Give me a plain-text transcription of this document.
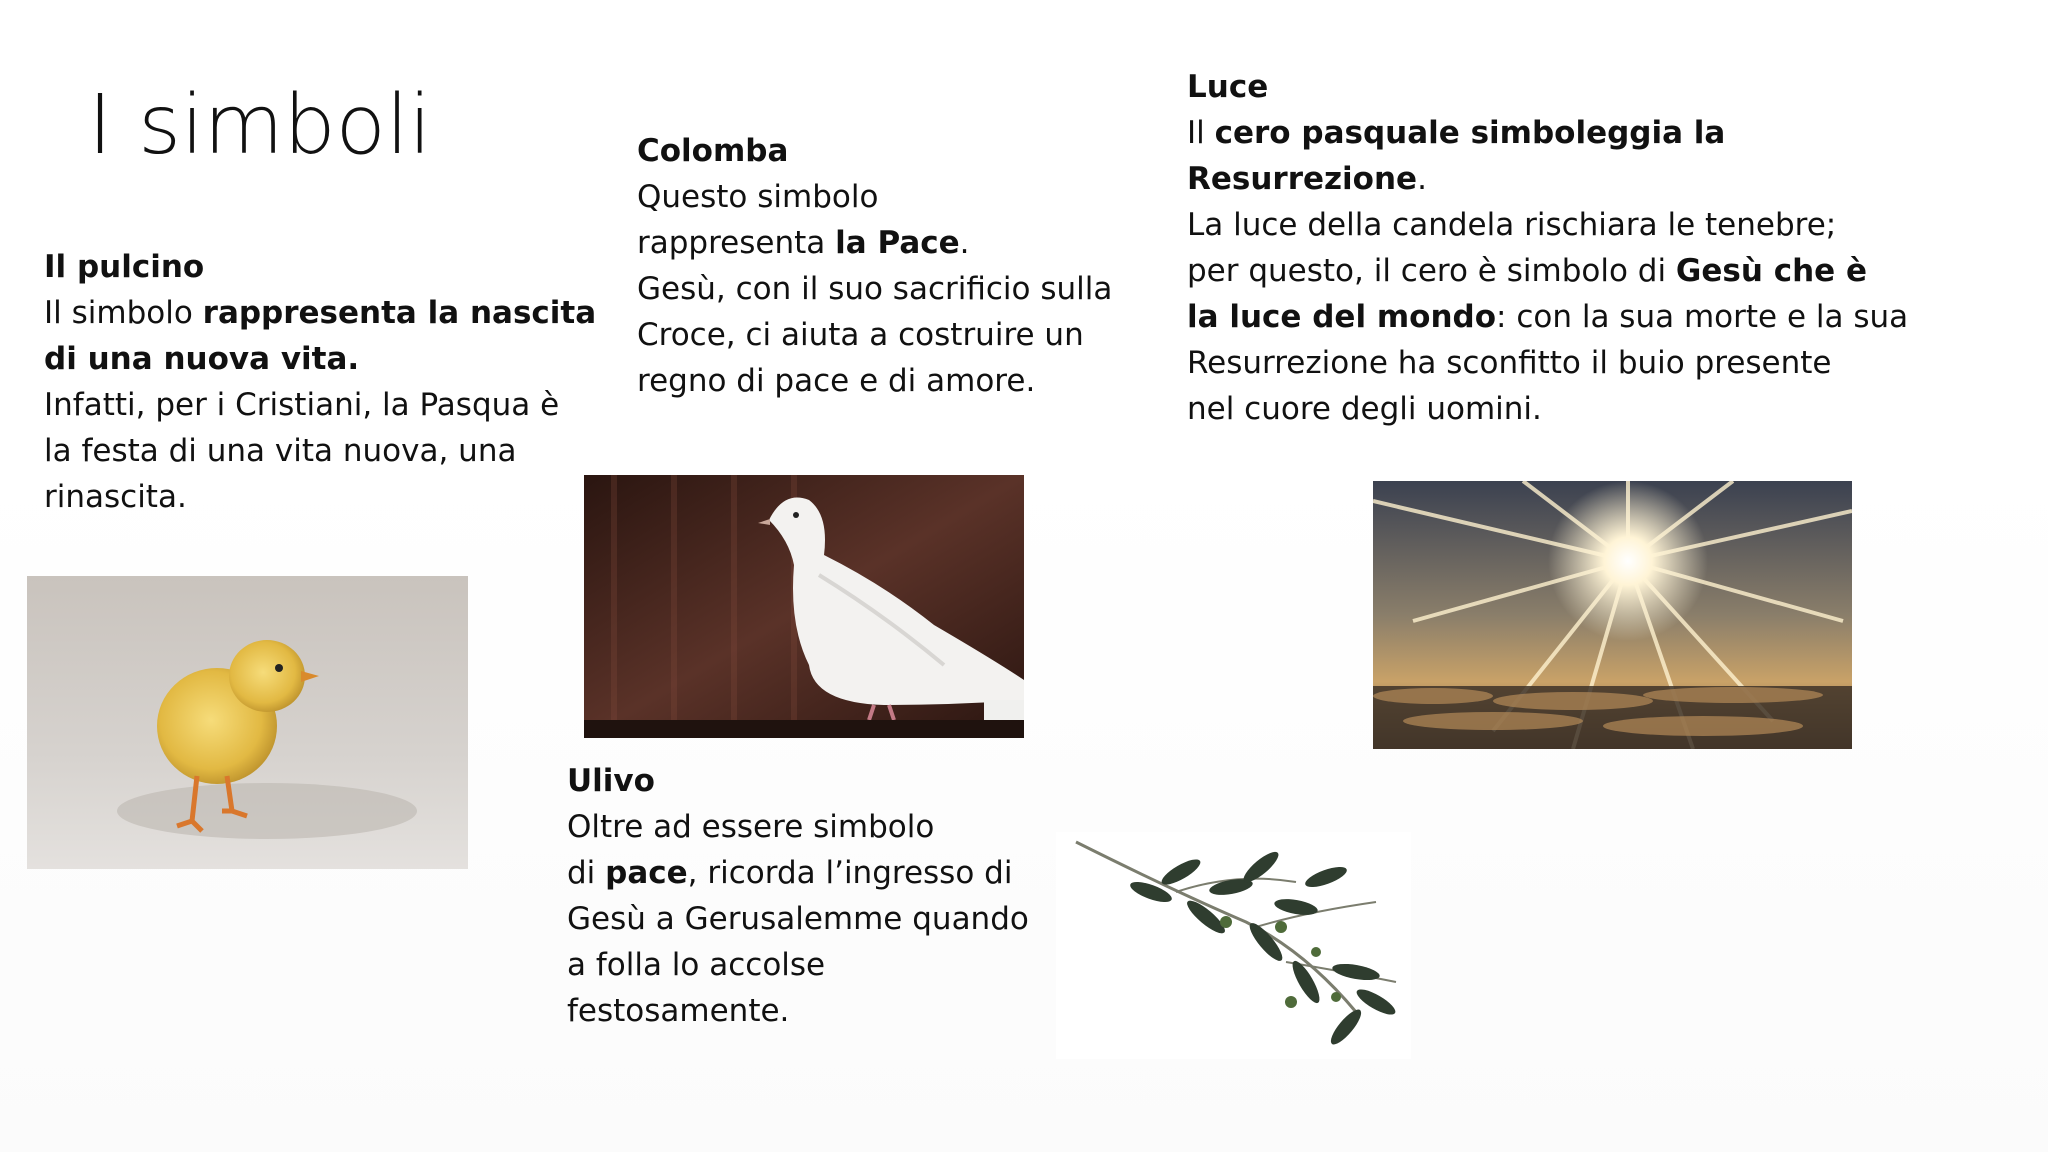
I simboli
Il pulcino
Il simbolo rappresenta la nascita
di una nuova vita.
Infatti, per i Cristiani, la Pasqua è
la festa di una vita nuova, una
rinascita.
Colomba
Questo simbolo
rappresenta la Pace.
Gesù, con il suo sacrificio sulla
Croce, ci aiuta a costruire un
regno di pace e di amore.
Luce
Il cero pasquale simboleggia la
Resurrezione.
La luce della candela rischiara le tenebre;
per questo, il cero è simbolo di Gesù che è
la luce del mondo: con la sua morte e la sua
Resurrezione ha sconfitto il buio presente
nel cuore degli uomini.
Ulivo
Oltre ad essere simbolo
di pace, ricorda l’ingresso di
Gesù a Gerusalemme quando
a folla lo accolse
festosamente.
